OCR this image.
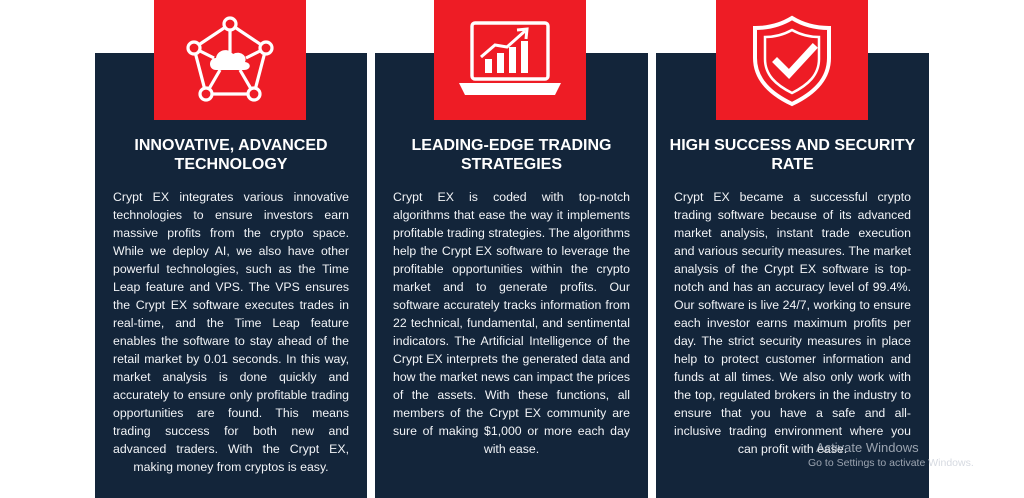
INNOVATIVE, ADVANCED TECHNOLOGY

Crypt EX integrates various innovative technologies to ensure investors earn massive profits from the crypto space. While we deploy AI, we also have other powerful technologies, such as the Time Leap feature and VPS. The VPS ensures the Crypt EX software executes trades in real-time, and the Time Leap feature enables the software to stay ahead of the retail market by 0.01 seconds. In this way, market analysis is done quickly and accurately to ensure only profitable trading opportunities are found. This means trading success for both new and advanced traders. With the Crypt EX, making money from cryptos is easy.

LEADING-EDGE TRADING STRATEGIES

Crypt EX is coded with top-notch algorithms that ease the way it implements profitable trading strategies. The algorithms help the Crypt EX software to leverage the profitable opportunities within the crypto market and to generate profits. Our software accurately tracks information from 22 technical, fundamental, and sentimental indicators. The Artificial Intelligence of the Crypt EX interprets the generated data and how the market news can impact the prices of the assets. With these functions, all members of the Crypt EX community are sure of making $1,000 or more each day with ease.

HIGH SUCCESS AND SECURITY RATE

Crypt EX became a successful crypto trading software because of its advanced market analysis, instant trade execution and various security measures. The market analysis of the Crypt EX software is top-notch and has an accuracy level of 99.4%. Our software is live 24/7, working to ensure each investor earns maximum profits per day. The strict security measures in place help to protect customer information and funds at all times. We also only work with the top, regulated brokers in the industry to ensure that you have a safe and all-inclusive trading environment where you can profit with ease.

Activate Windows
Go to Settings to activate Windows.
